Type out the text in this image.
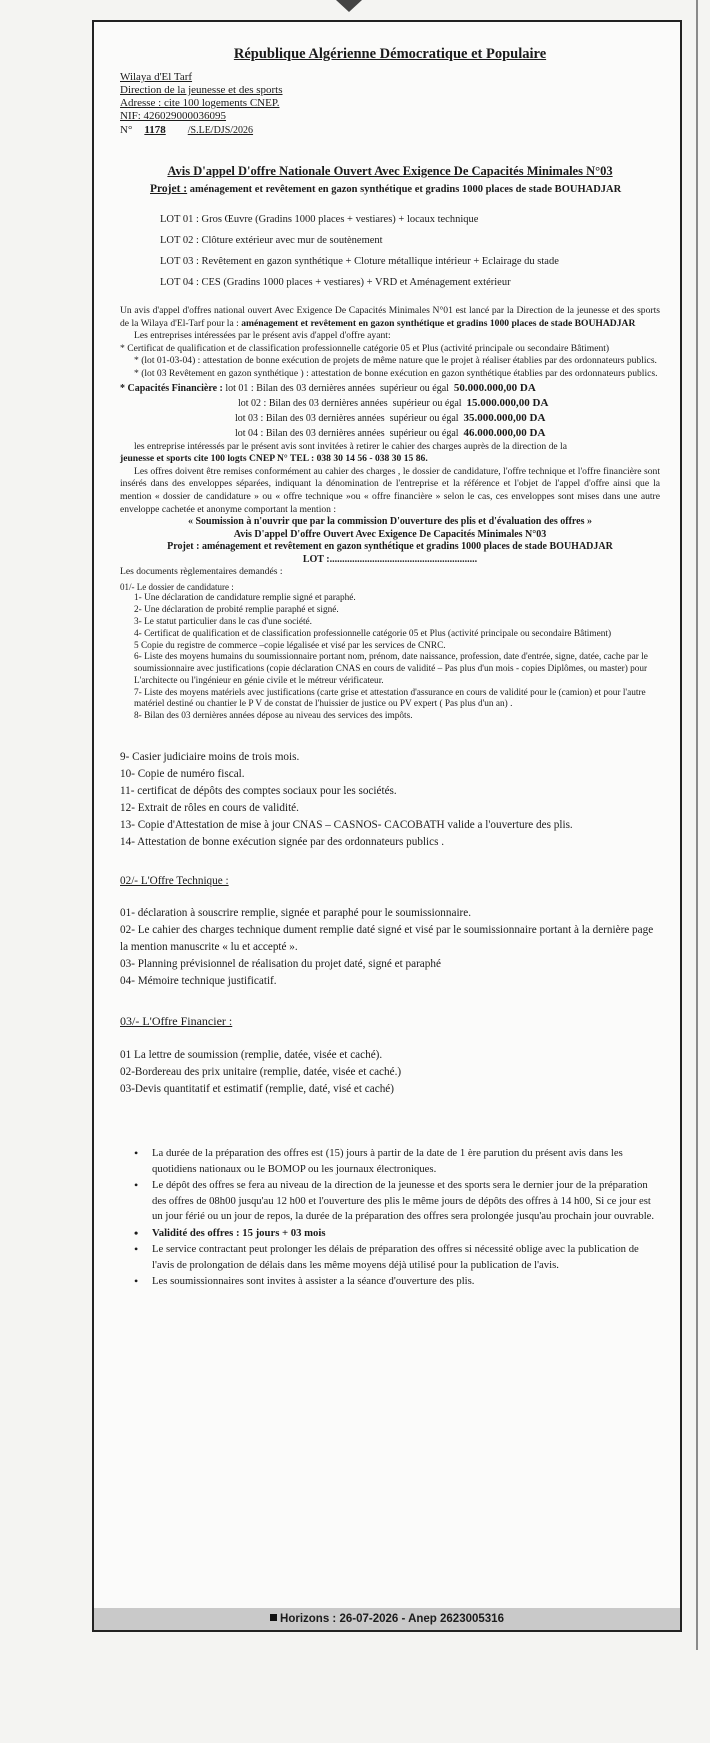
République Algérienne Démocratique et Populaire

Wilaya d'El Tarf
Direction de la jeunesse et des sports
Adresse : cite 100 logements CNEP.
NIF: 426029000036095
N° 1178 /S.LE/DJS/2026

Avis D'appel D'offre Nationale Ouvert Avec Exigence De Capacités Minimales N°03

Projet : aménagement et revêtement en gazon synthétique et gradins 1000 places de stade BOUHADJAR
LOT 01 : Gros Œuvre (Gradins 1000 places + vestiares) + locaux technique
LOT 02 : Clôture extérieur avec mur de soutènement
LOT 03 : Revêtement en gazon synthétique + Cloture métallique intérieur + Eclairage du stade
LOT 04 : CES (Gradins 1000 places + vestiares) + VRD et Aménagement extérieur
Un avis d'appel d'offres national ouvert Avec Exigence De Capacités Minimales N°01 est lancé par la Direction de la jeunesse et des sports de la Wilaya d'El-Tarf pour la : aménagement et revêtement en gazon synthétique et gradins 1000 places de stade BOUHADJAR
Les entreprises intéressées par le présent avis d'appel d'offre ayant:
* Certificat de qualification et de classification professionnelle catégorie 05 et Plus (activité principale ou secondaire Bâtiment)
* (lot 01-03-04) : attestation de bonne exécution de projets de même nature que le projet à réaliser établies par des ordonnateurs publics.
* (lot 03 Revêtement en gazon synthétique ) : attestation de bonne exécution en gazon synthétique établies par des ordonnateurs publics.
* Capacités Financière : lot 01 : Bilan des 03 dernières années  supérieur ou égal 50.000.000,00 DA
lot 02 : Bilan des 03 dernières années  supérieur ou égal 15.000.000,00 DA
lot 03 : Bilan des 03 dernières années  supérieur ou égal 35.000.000,00 DA
lot 04 : Bilan des 03 dernières années  supérieur ou égal 46.000.000,00 DA
les entreprise intéressés par le présent avis sont invitées à retirer le cahier des charges auprès de la direction de la
jeunesse et sports cite 100 logts CNEP N° TEL : 038 30 14 56 - 038 30 15 86.
Les offres doivent être remises conformément au cahier des charges , le dossier de candidature, l'offre technique et l'offre financière sont insérés dans des enveloppes séparées, indiquant la dénomination de l'entreprise et la référence et l'objet de l'appel d'offre ainsi que la mention « dossier de candidature » ou « offre technique »ou « offre financière » selon le cas, ces enveloppes sont mises dans une autre enveloppe cachetée et anonyme comportant la mention :
« Soumission à n'ouvrir que par la commission D'ouverture des plis et d'évaluation des offres »
Avis D'appel D'offre Ouvert Avec Exigence De Capacités Minimales N°03
Projet : aménagement et revêtement en gazon synthétique et gradins 1000 places de stade BOUHADJAR
LOT :...........................................................
Les documents règlementaires demandés :
01/- Le dossier de candidature :
1- Une déclaration de candidature remplie signé et paraphé.
2- Une déclaration de probité remplie paraphé et signé.
3- Le statut particulier dans le cas d'une société.
4- Certificat de qualification et de classification professionnelle catégorie 05 et Plus (activité principale ou secondaire Bâtiment)
5 Copie du registre de commerce –copie légalisée et visé par les services de CNRC.
6- Liste des moyens humains du soumissionnaire portant nom, prénom, date naissance, profession, date d'entrée, signe, datée, cache par le soumissionnaire avec justifications (copie déclaration CNAS en cours de validité – Pas plus d'un mois - copies Diplômes, ou master) pour L'architecte ou l'ingénieur en génie civile et le métreur vérificateur.
7- Liste des moyens matériels avec justifications (carte grise et attestation d'assurance en cours de validité pour le (camion) et pour l'autre matériel destiné ou chantier le P V de constat de l'huissier de justice ou PV expert ( Pas plus d'un an) .
8- Bilan des 03 dernières années dépose au niveau des services des impôts.
9- Casier judiciaire moins de trois mois.
10- Copie de numéro fiscal.
11- certificat de dépôts des comptes sociaux pour les sociétés.
12- Extrait de rôles en cours de validité.
13- Copie d'Attestation de mise à jour CNAS – CASNOS- CACOBATH valide a l'ouverture des plis.
14- Attestation de bonne exécution signée par des ordonnateurs publics .
02/- L'Offre Technique :
01- déclaration à souscrire remplie, signée et paraphé pour le soumissionnaire.
02- Le cahier des charges technique dument remplie daté signé et visé par le soumissionnaire portant à la dernière page la mention manuscrite « lu et accepté ».
03- Planning prévisionnel de réalisation du projet daté, signé et paraphé
04- Mémoire technique justificatif.
03/- L'Offre Financier :
01 La lettre de soumission (remplie, datée, visée et caché).
02-Bordereau des prix unitaire (remplie, datée, visée et caché.)
03-Devis quantitatif et estimatif (remplie, daté, visé et caché)
• La durée de la préparation des offres est (15) jours à partir de la date de 1 ère parution du présent avis dans les quotidiens nationaux ou le BOMOP ou les journaux électroniques.
• Le dépôt des offres se fera au niveau de la direction de la jeunesse et des sports sera le dernier jour de la préparation des offres de 08h00 jusqu'au 12 h00 et l'ouverture des plis le même jours de dépôts des offres à 14 h00, Si ce jour est un jour férié ou un jour de repos, la durée de la préparation des offres sera prolongée jusqu'au prochain jour ouvrable.
• Validité des offres : 15 jours + 03 mois
• Le service contractant peut prolonger les délais de préparation des offres si nécessité oblige avec la publication de l'avis de prolongation de délais dans les même moyens déjà utilisé pour la publication de l'avis.
• Les soumissionnaires sont invites à assister a la séance d'ouverture des plis.
Horizons : 26-07-2026 - Anep 2623005316
